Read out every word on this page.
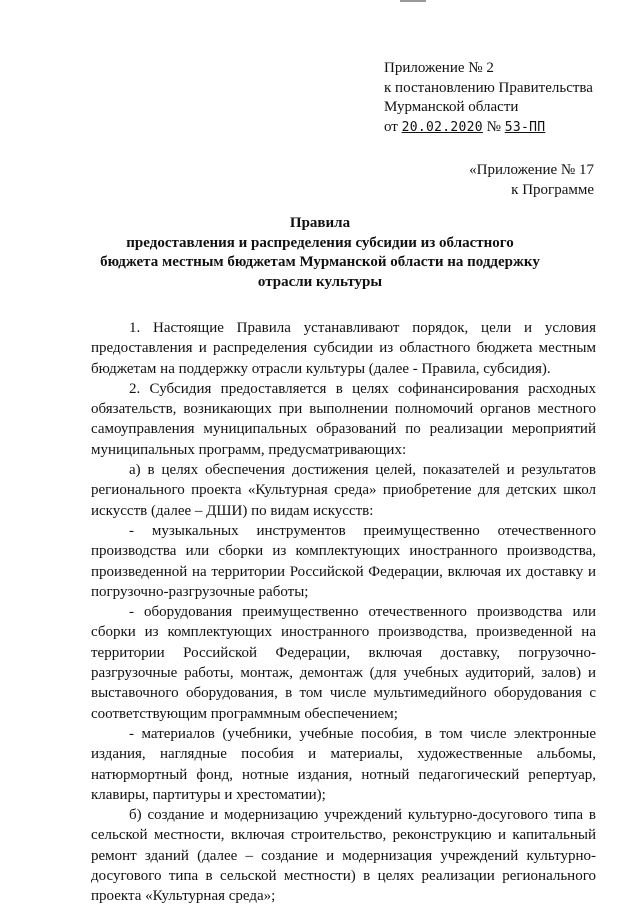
Приложение № 2
к постановлению Правительства
Мурманской области
от 20.02.2020 № 53-ПП
«Приложение № 17
к Программе
Правила
предоставления и распределения субсидии из областного
бюджета местным бюджетам Мурманской области на поддержку
отрасли культуры

1. Настоящие Правила устанавливают порядок, цели и условия предоставления и распределения субсидии из областного бюджета местным бюджетам на поддержку отрасли культуры (далее - Правила, субсидия).

2. Субсидия предоставляется в целях софинансирования расходных обязательств, возникающих при выполнении полномочий органов местного самоуправления муниципальных образований по реализации мероприятий муниципальных программ, предусматривающих:

а) в целях обеспечения достижения целей, показателей и результатов регионального проекта «Культурная среда» приобретение для детских школ искусств (далее – ДШИ) по видам искусств:

- музыкальных инструментов преимущественно отечественного производства или сборки из комплектующих иностранного производства, произведенной на территории Российской Федерации, включая их доставку и погрузочно-разгрузочные работы;

- оборудования преимущественно отечественного производства или сборки из комплектующих иностранного производства, произведенной на территории Российской Федерации, включая доставку, погрузочно-разгрузочные работы, монтаж, демонтаж (для учебных аудиторий, залов) и выставочного оборудования, в том числе мультимедийного оборудования с соответствующим программным обеспечением;

- материалов (учебники, учебные пособия, в том числе электронные издания, наглядные пособия и материалы, художественные альбомы, натюрмортный фонд, нотные издания, нотный педагогический репертуар, клавиры, партитуры и хрестоматии);

б) создание и модернизацию учреждений культурно-досугового типа в сельской местности, включая строительство, реконструкцию и капитальный ремонт зданий (далее – создание и модернизация учреждений культурно-досугового типа в сельской местности) в целях реализации регионального проекта «Культурная среда»;
